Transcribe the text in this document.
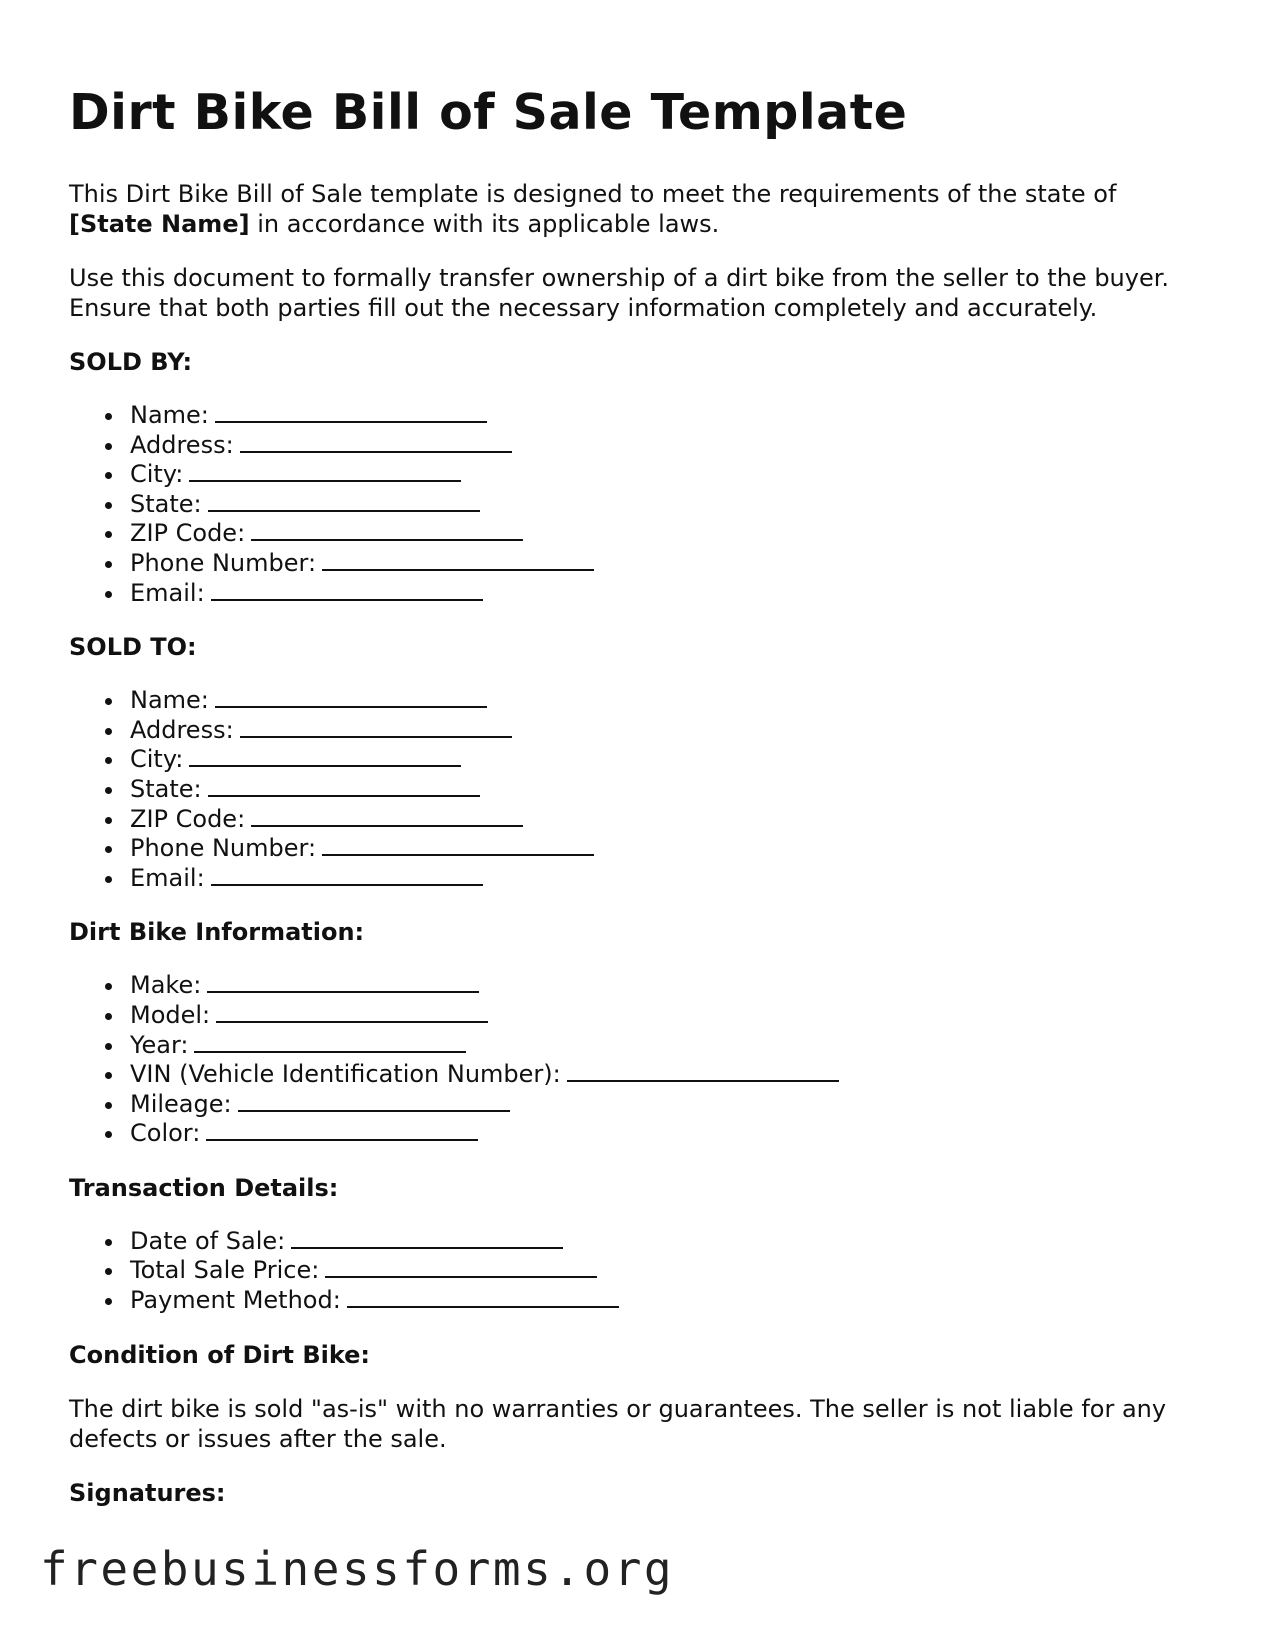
Dirt Bike Bill of Sale Template

This Dirt Bike Bill of Sale template is designed to meet the requirements of the state of [State Name] in accordance with its applicable laws.

Use this document to formally transfer ownership of a dirt bike from the seller to the buyer. Ensure that both parties fill out the necessary information completely and accurately.

SOLD BY:
Name:
Address:
City:
State:
ZIP Code:
Phone Number:
Email:
SOLD TO:
Name:
Address:
City:
State:
ZIP Code:
Phone Number:
Email:
Dirt Bike Information:
Make:
Model:
Year:
VIN (Vehicle Identification Number):
Mileage:
Color:
Transaction Details:
Date of Sale:
Total Sale Price:
Payment Method:
Condition of Dirt Bike:

The dirt bike is sold "as-is" with no warranties or guarantees. The seller is not liable for any defects or issues after the sale.

Signatures:
freebusinessforms.org
